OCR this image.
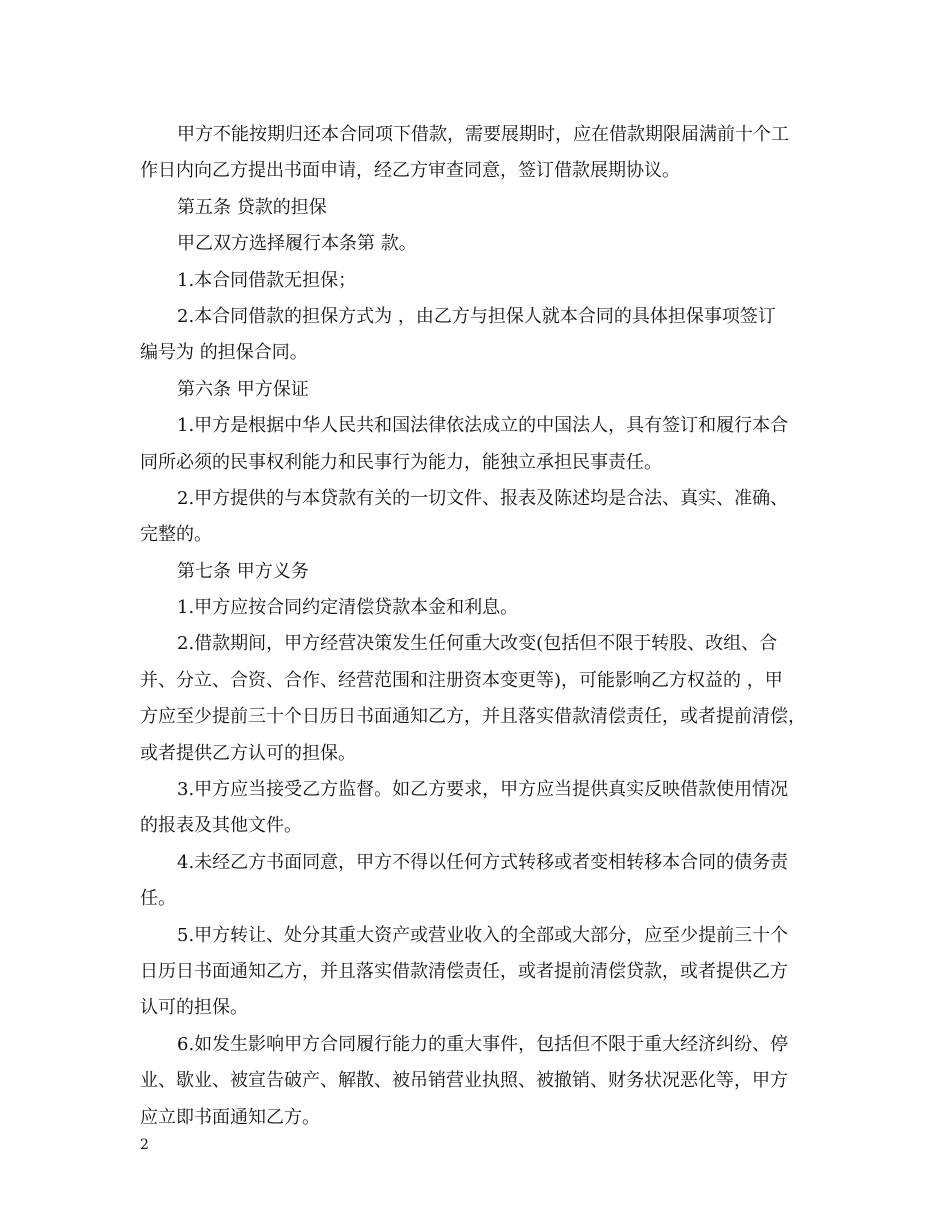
甲方不能按期归还本合同项下借款，需要展期时，应在借款期限届满前十个工
作日内向乙方提出书面申请，经乙方审查同意，签订借款展期协议。
第五条 贷款的担保
甲乙双方选择履行本条第 款。
1.本合同借款无担保；
2.本合同借款的担保方式为 ，由乙方与担保人就本合同的具体担保事项签订
编号为 的担保合同。
第六条 甲方保证
1.甲方是根据中华人民共和国法律依法成立的中国法人，具有签订和履行本合
同所必须的民事权利能力和民事行为能力，能独立承担民事责任。
2.甲方提供的与本贷款有关的一切文件、报表及陈述均是合法、真实、准确、
完整的。
第七条 甲方义务
1.甲方应按合同约定清偿贷款本金和利息。
2.借款期间，甲方经营决策发生任何重大改变(包括但不限于转股、改组、合
并、分立、合资、合作、经营范围和注册资本变更等)，可能影响乙方权益的 ，甲
方应至少提前三十个日历日书面通知乙方，并且落实借款清偿责任，或者提前清偿，
或者提供乙方认可的担保。
3.甲方应当接受乙方监督。如乙方要求，甲方应当提供真实反映借款使用情况
的报表及其他文件。
4.未经乙方书面同意，甲方不得以任何方式转移或者变相转移本合同的债务责
任。
5.甲方转让、处分其重大资产或营业收入的全部或大部分，应至少提前三十个
日历日书面通知乙方，并且落实借款清偿责任，或者提前清偿贷款，或者提供乙方
认可的担保。
6.如发生影响甲方合同履行能力的重大事件，包括但不限于重大经济纠纷、停
业、歇业、被宣告破产、解散、被吊销营业执照、被撤销、财务状况恶化等，甲方
应立即书面通知乙方。
2
